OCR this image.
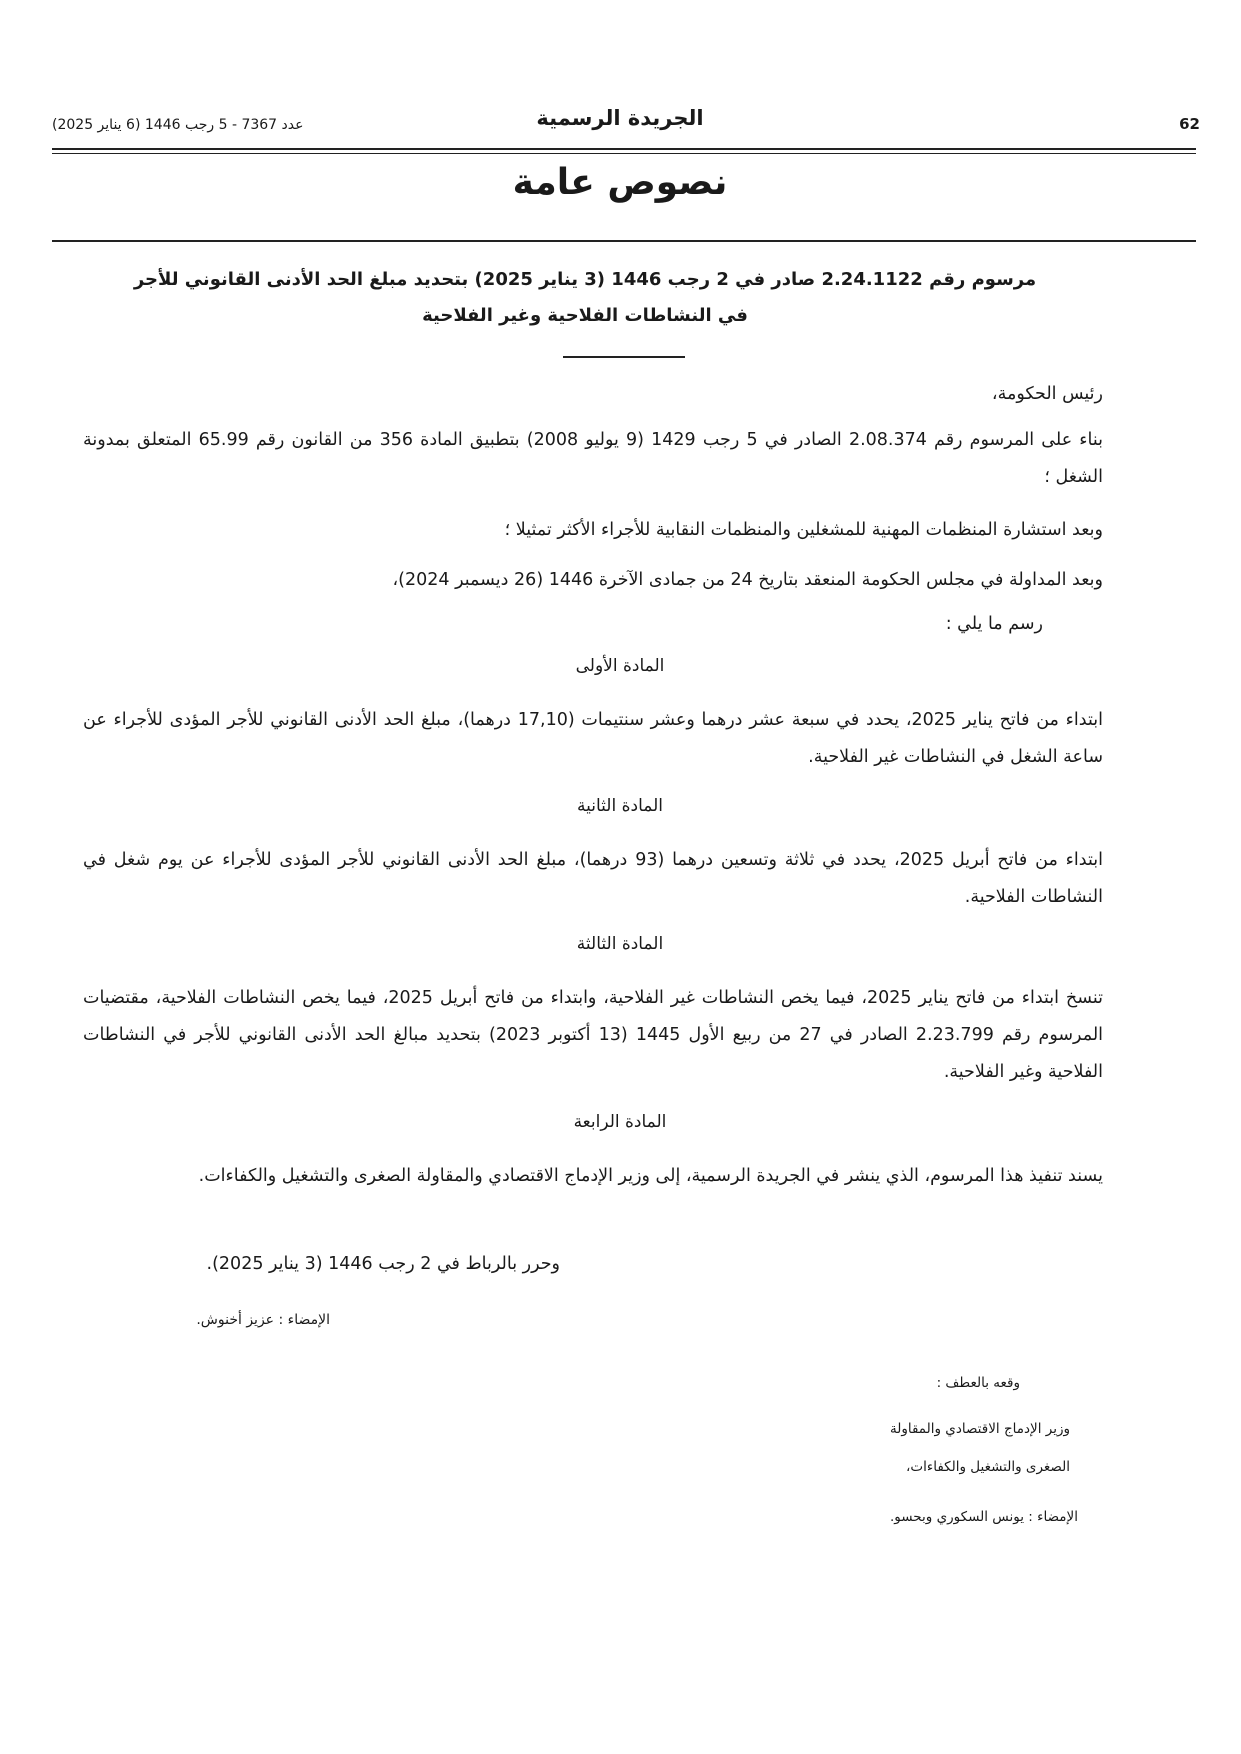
62
الجريدة الرسمية
عدد 7367 - 5 رجب 1446 (6 يناير 2025)
نصوص عامة
مرسوم رقم 2.24.1122 صادر في 2 رجب 1446 (3 يناير 2025) بتحديد مبلغ الحد الأدنى القانوني للأجر
في النشاطات الفلاحية وغير الفلاحية
رئيس الحكومة،
بناء على المرسوم رقم 2.08.374 الصادر في 5 رجب 1429 (9 يوليو 2008) بتطبيق المادة 356 من القانون رقم 65.99 المتعلق بمدونة الشغل ؛
وبعد استشارة المنظمات المهنية للمشغلين والمنظمات النقابية للأجراء الأكثر تمثيلا ؛
وبعد المداولة في مجلس الحكومة المنعقد بتاريخ 24 من جمادى الآخرة 1446 (26 ديسمبر 2024)،
رسم ما يلي :
المادة الأولى
ابتداء من فاتح يناير 2025، يحدد في سبعة عشر درهما وعشر سنتيمات (17,10 درهما)، مبلغ الحد الأدنى القانوني للأجر المؤدى للأجراء عن ساعة الشغل في النشاطات غير الفلاحية.
المادة الثانية
ابتداء من فاتح أبريل 2025، يحدد في ثلاثة وتسعين درهما (93 درهما)، مبلغ الحد الأدنى القانوني للأجر المؤدى للأجراء عن يوم شغل في النشاطات الفلاحية.
المادة الثالثة
تنسخ ابتداء من فاتح يناير 2025، فيما يخص النشاطات غير الفلاحية، وابتداء من فاتح أبريل 2025، فيما يخص النشاطات الفلاحية، مقتضيات المرسوم رقم 2.23.799 الصادر في 27 من ربيع الأول 1445 (13 أكتوبر 2023) بتحديد مبالغ الحد الأدنى القانوني للأجر في النشاطات الفلاحية وغير الفلاحية.
المادة الرابعة
يسند تنفيذ هذا المرسوم، الذي ينشر في الجريدة الرسمية، إلى وزير الإدماج الاقتصادي والمقاولة الصغرى والتشغيل والكفاءات.
وحرر بالرباط في 2 رجب 1446 (3 يناير 2025).
الإمضاء : عزيز أخنوش.
وقعه بالعطف :
وزير الإدماج الاقتصادي والمقاولة
الصغرى والتشغيل والكفاءات،
الإمضاء : يونس السكوري وبحسو.
